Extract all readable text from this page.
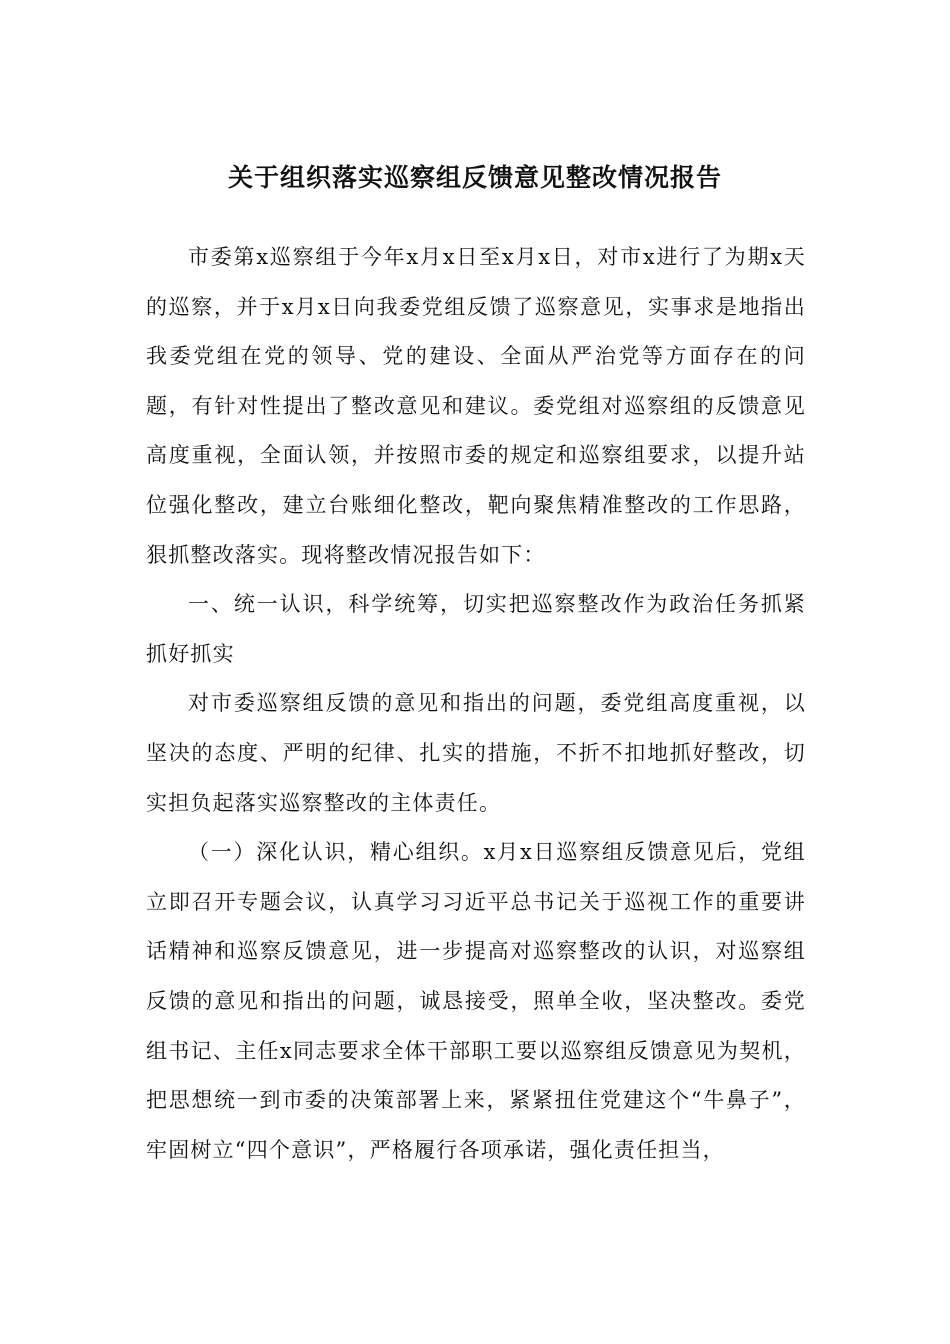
关于组织落实巡察组反馈意见整改情况报告

市委第x巡察组于今年x月x日至x月x日，对市x进行了为期x天的巡察，并于x月x日向我委党组反馈了巡察意见，实事求是地指出我委党组在党的领导、党的建设、全面从严治党等方面存在的问题，有针对性提出了整改意见和建议。委党组对巡察组的反馈意见高度重视，全面认领，并按照市委的规定和巡察组要求，以提升站位强化整改，建立台账细化整改，靶向聚焦精准整改的工作思路，狠抓整改落实。现将整改情况报告如下：

一、统一认识，科学统筹，切实把巡察整改作为政治任务抓紧抓好抓实

对市委巡察组反馈的意见和指出的问题，委党组高度重视，以坚决的态度、严明的纪律、扎实的措施，不折不扣地抓好整改，切实担负起落实巡察整改的主体责任。

（一）深化认识，精心组织。x月x日巡察组反馈意见后，党组立即召开专题会议，认真学习习近平总书记关于巡视工作的重要讲话精神和巡察反馈意见，进一步提高对巡察整改的认识，对巡察组反馈的意见和指出的问题，诚恳接受，照单全收，坚决整改。委党组书记、主任x同志要求全体干部职工要以巡察组反馈意见为契机，把思想统一到市委的决策部署上来，紧紧扭住党建这个“牛鼻子”，牢固树立“四个意识”，严格履行各项承诺，强化责任担当，
